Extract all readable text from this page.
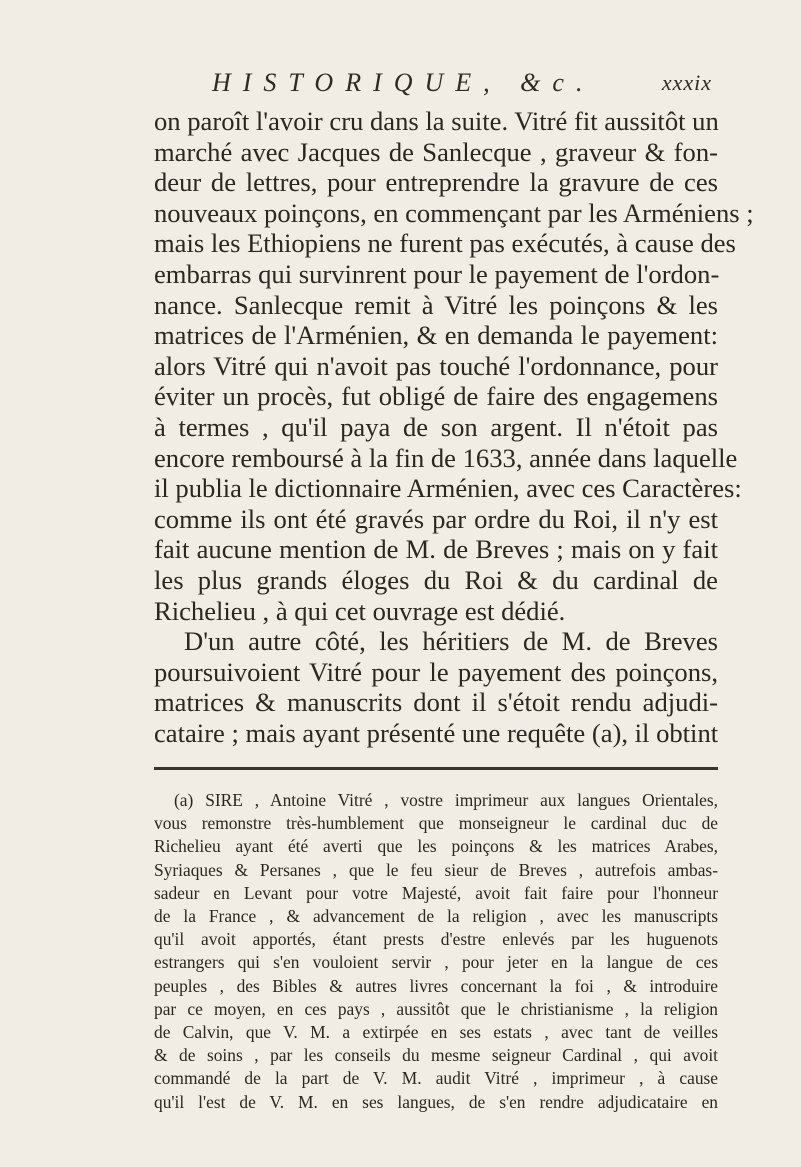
HISTORIQUE, &c.	xxxix
on paroît l'avoir cru dans la suite. Vitré fit aussitôt un
marché avec Jacques de Sanlecque , graveur & fon-
deur de lettres, pour entreprendre la gravure de ces
nouveaux poinçons, en commençant par les Arméniens ;
mais les Ethiopiens ne furent pas exécutés, à cause des
embarras qui survinrent pour le payement de l'ordon-
nance. Sanlecque remit à Vitré les poinçons & les
matrices de l'Arménien, & en demanda le payement:
alors Vitré qui n'avoit pas touché l'ordonnance, pour
éviter un procès, fut obligé de faire des engagemens
à termes , qu'il paya de son argent. Il n'étoit pas
encore remboursé à la fin de 1633, année dans laquelle
il publia le dictionnaire Arménien, avec ces Caractères:
comme ils ont été gravés par ordre du Roi, il n'y est
fait aucune mention de M. de Breves ; mais on y fait
les plus grands éloges du Roi & du cardinal de
Richelieu , à qui cet ouvrage est dédié.
D'un autre côté, les héritiers de M. de Breves
poursuivoient Vitré pour le payement des poinçons,
matrices & manuscrits dont il s'étoit rendu adjudi-
cataire ; mais ayant présenté une requête (a), il obtint
(a) SIRE , Antoine Vitré , vostre imprimeur aux langues Orientales,
vous remonstre très-humblement que monseigneur le cardinal duc de
Richelieu ayant été averti que les poinçons & les matrices Arabes,
Syriaques & Persanes , que le feu sieur de Breves , autrefois ambas-
sadeur en Levant pour votre Majesté, avoit fait faire pour l'honneur
de la France , & advancement de la religion , avec les manuscripts
qu'il avoit apportés, étant prests d'estre enlevés par les huguenots
estrangers qui s'en vouloient servir , pour jeter en la langue de ces
peuples , des Bibles & autres livres concernant la foi , & introduire
par ce moyen, en ces pays , aussitôt que le christianisme , la religion
de Calvin, que V. M. a extirpée en ses estats , avec tant de veilles
& de soins , par les conseils du mesme seigneur Cardinal , qui avoit
commandé de la part de V. M. audit Vitré , imprimeur , à cause
qu'il l'est de V. M. en ses langues, de s'en rendre adjudicataire en
